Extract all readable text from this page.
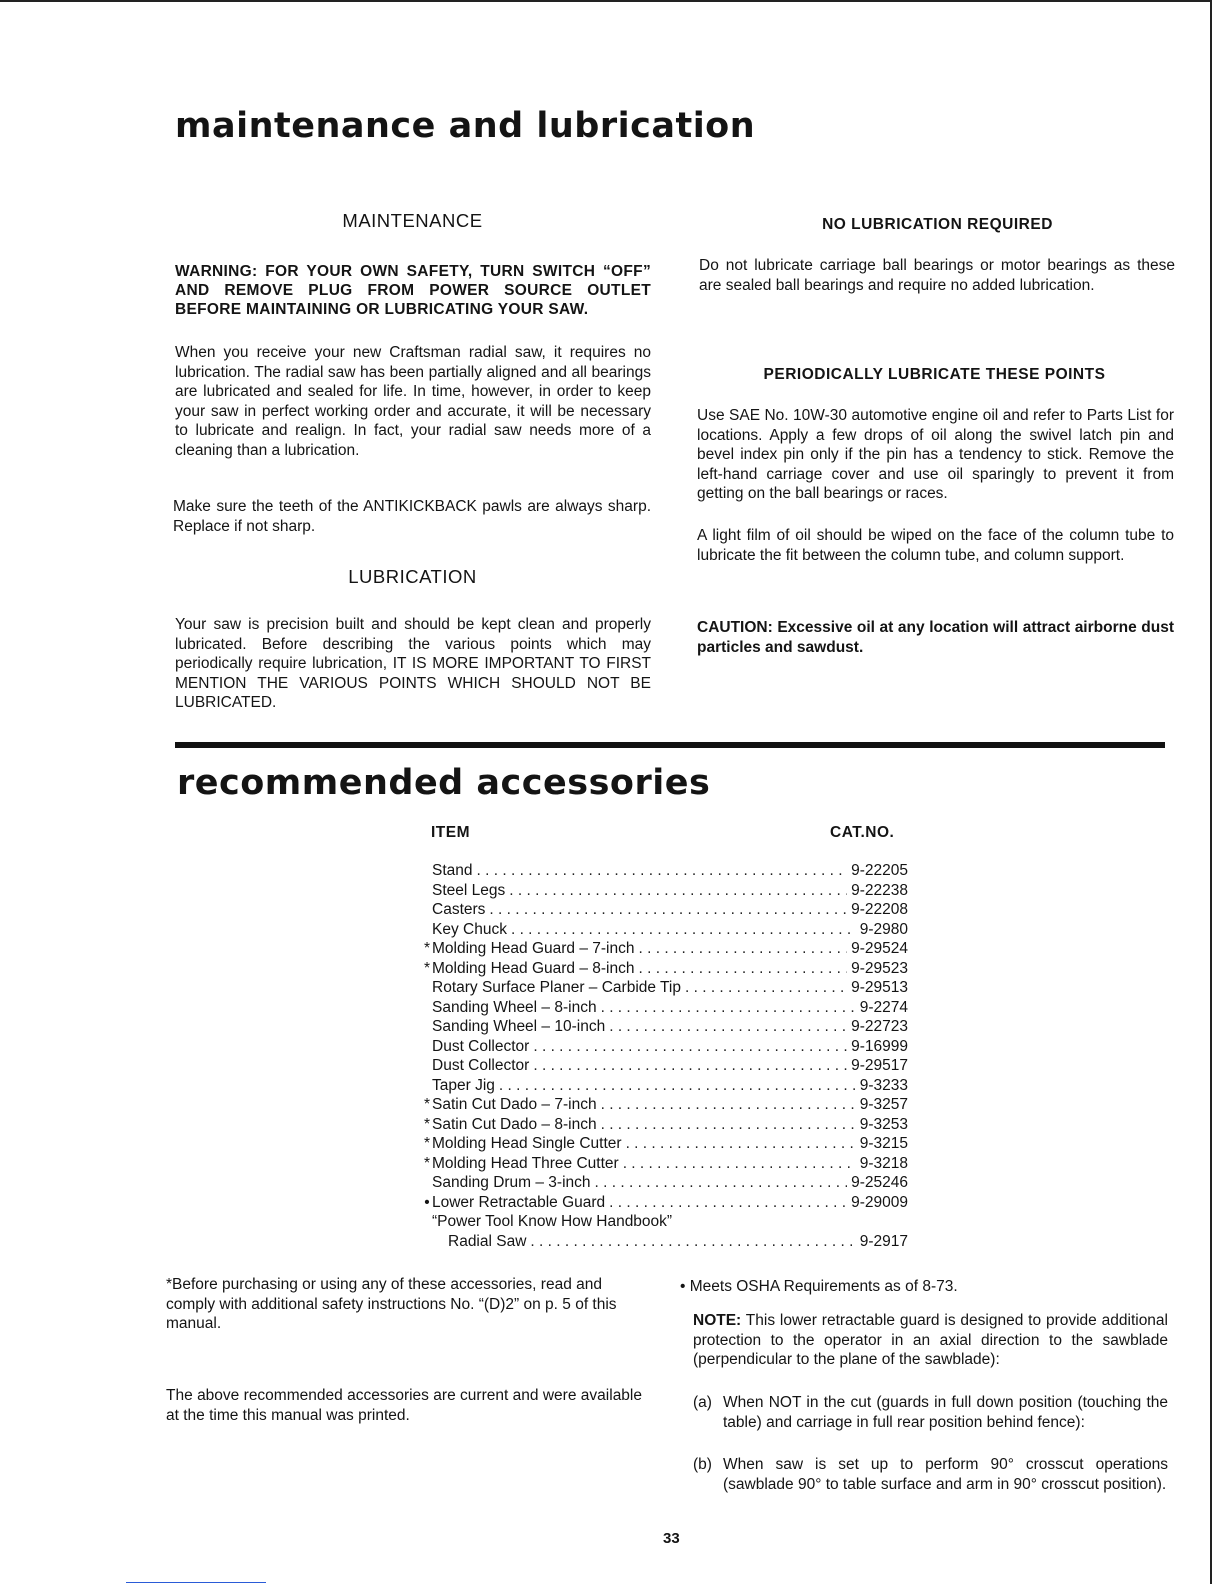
maintenance and lubrication
MAINTENANCE

WARNING: FOR YOUR OWN SAFETY, TURN SWITCH “OFF” AND REMOVE PLUG FROM POWER SOURCE OUTLET BEFORE MAINTAINING OR LUBRICATING YOUR SAW.

When you receive your new Craftsman radial saw, it requires no lubrication. The radial saw has been partially aligned and all bearings are lubricated and sealed for life. In time, however, in order to keep your saw in perfect working order and accurate, it will be necessary to lubricate and realign. In fact, your radial saw needs more of a cleaning than a lubrication.

Make sure the teeth of the ANTIKICKBACK pawls are always sharp. Replace if not sharp.

LUBRICATION

Your saw is precision built and should be kept clean and properly lubricated. Before describing the various points which may periodically require lubrication, IT IS MORE IMPORTANT TO FIRST MENTION THE VARIOUS POINTS WHICH SHOULD NOT BE LUBRICATED.

NO LUBRICATION REQUIRED

Do not lubricate carriage ball bearings or motor bearings as these are sealed ball bearings and require no added lubrication.

PERIODICALLY LUBRICATE THESE POINTS

Use SAE No. 10W-30 automotive engine oil and refer to Parts List for locations. Apply a few drops of oil along the swivel latch pin and bevel index pin only if the pin has a tendency to stick. Remove the left-hand carriage cover and use oil sparingly to prevent it from getting on the ball bearings or races.

A light film of oil should be wiped on the face of the column tube to lubricate the fit between the column tube, and column support.

CAUTION: Excessive oil at any location will attract airborne dust particles and sawdust.

recommended accessories
ITEM	CAT.NO.
Stand . . .	9-22205
Steel Legs . . .	9-22238
Casters . . .	9-22208
Key Chuck . . .	9-2980
* Molding Head Guard – 7-inch . . .	9-29524
* Molding Head Guard – 8-inch . . .	9-29523
Rotary Surface Planer – Carbide Tip . . .	9-29513
Sanding Wheel – 8-inch . . .	9-2274
Sanding Wheel – 10-inch . . .	9-22723
Dust Collector . . .	9-16999
Dust Collector . . .	9-29517
Taper Jig . . .	9-3233
* Satin Cut Dado – 7-inch . . .	9-3257
* Satin Cut Dado – 8-inch . . .	9-3253
* Molding Head Single Cutter . . .	9-3215
* Molding Head Three Cutter . . .	9-3218
Sanding Drum – 3-inch . . .	9-25246
• Lower Retractable Guard . . .	9-29009
“Power Tool Know How Handbook”
Radial Saw . . .	9-2917

*Before purchasing or using any of these accessories, read and comply with additional safety instructions No. “(D)2” on p. 5 of this manual.

The above recommended accessories are current and were available at the time this manual was printed.

• Meets OSHA Requirements as of 8-73.

NOTE: This lower retractable guard is designed to provide additional protection to the operator in an axial direction to the sawblade (perpendicular to the plane of the sawblade):

(a) When NOT in the cut (guards in full down position (touching the table) and carriage in full rear position behind fence):
(b) When saw is set up to perform 90° crosscut operations (sawblade 90° to table surface and arm in 90° crosscut position).
33
